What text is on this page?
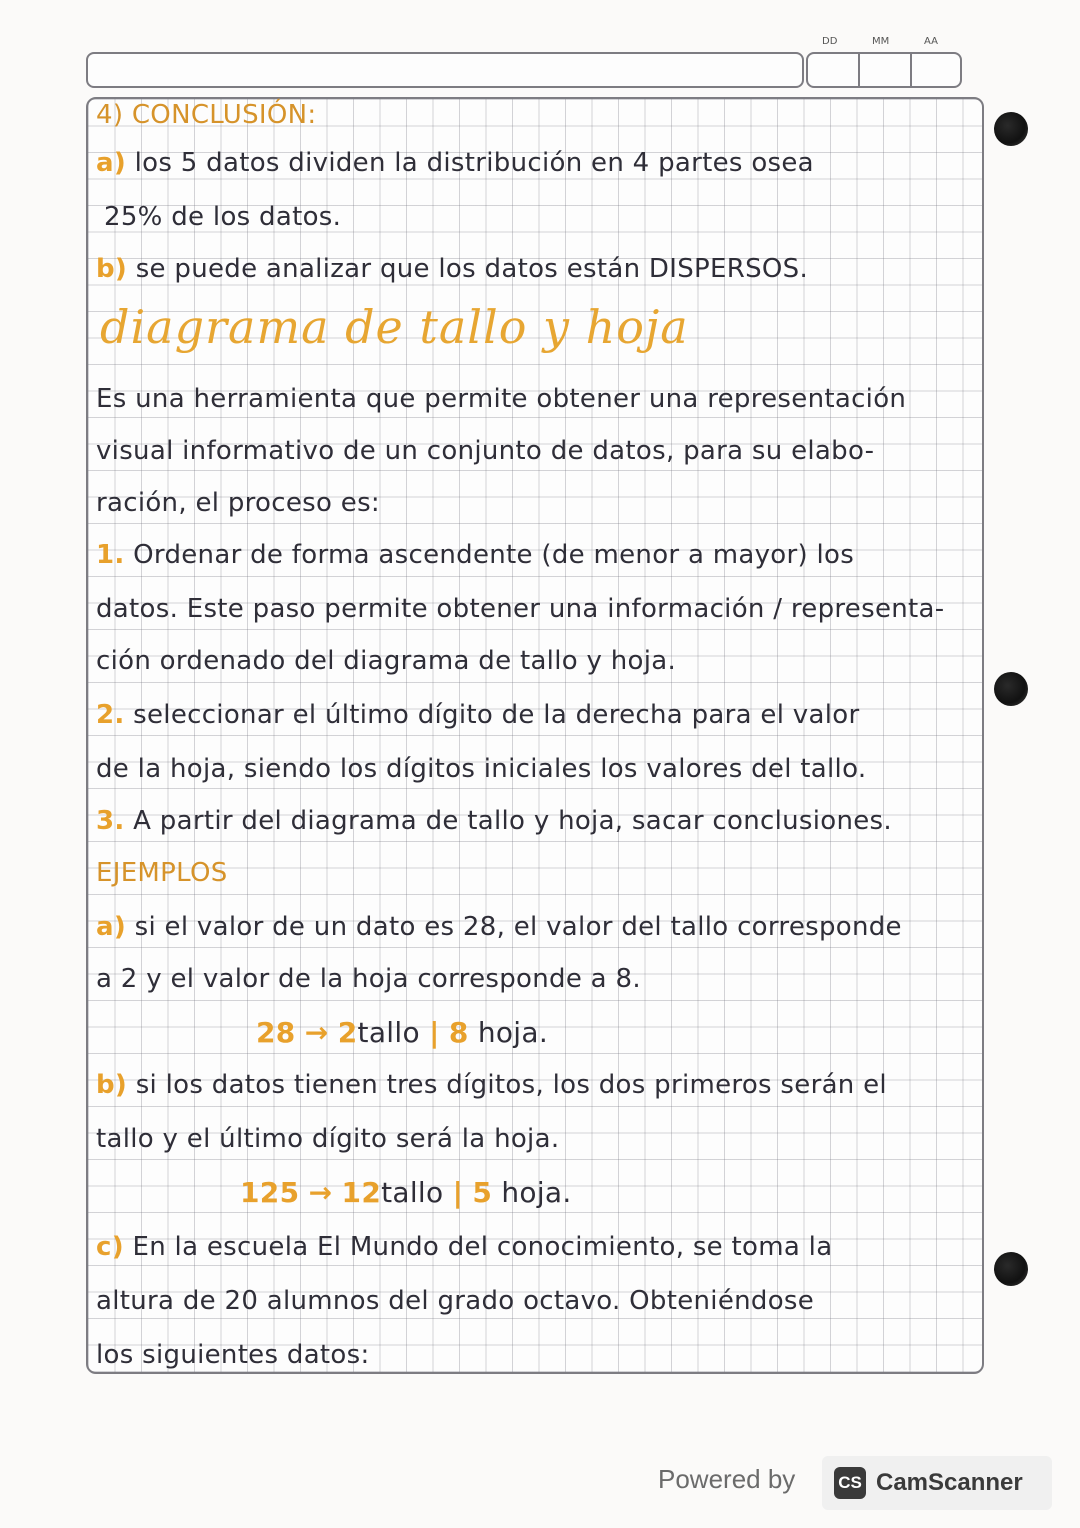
DD	MM	AA

4) CONCLUSIÓN:

a) los 5 datos dividen la distribución en 4 partes osea

25% de los datos.

b) se puede analizar que los datos están DISPERSOS.

diagrama de tallo y hoja

Es una herramienta que permite obtener una representación

visual informativo de un conjunto de datos, para su elabo-

ración, el proceso es:

1. Ordenar de forma ascendente (de menor a mayor) los

datos. Este paso permite obtener una información / representa-

ción ordenado del diagrama de tallo y hoja.

2. seleccionar el último dígito de la derecha para el valor

de la hoja, siendo los dígitos iniciales los valores del tallo.

3. A partir del diagrama de tallo y hoja, sacar conclusiones.

EJEMPLOS

a) si el valor de un dato es 28, el valor del tallo corresponde

a 2 y el valor de la hoja corresponde a 8.

28 → 2tallo | 8 hoja.

b) si los datos tienen tres dígitos, los dos primeros serán el

tallo y el último dígito será la hoja.

125 → 12tallo | 5 hoja.

c) En la escuela El Mundo del conocimiento, se toma la

altura de 20 alumnos del grado octavo. Obteniéndose

los siguientes datos:

Powered by	CS CamScanner
